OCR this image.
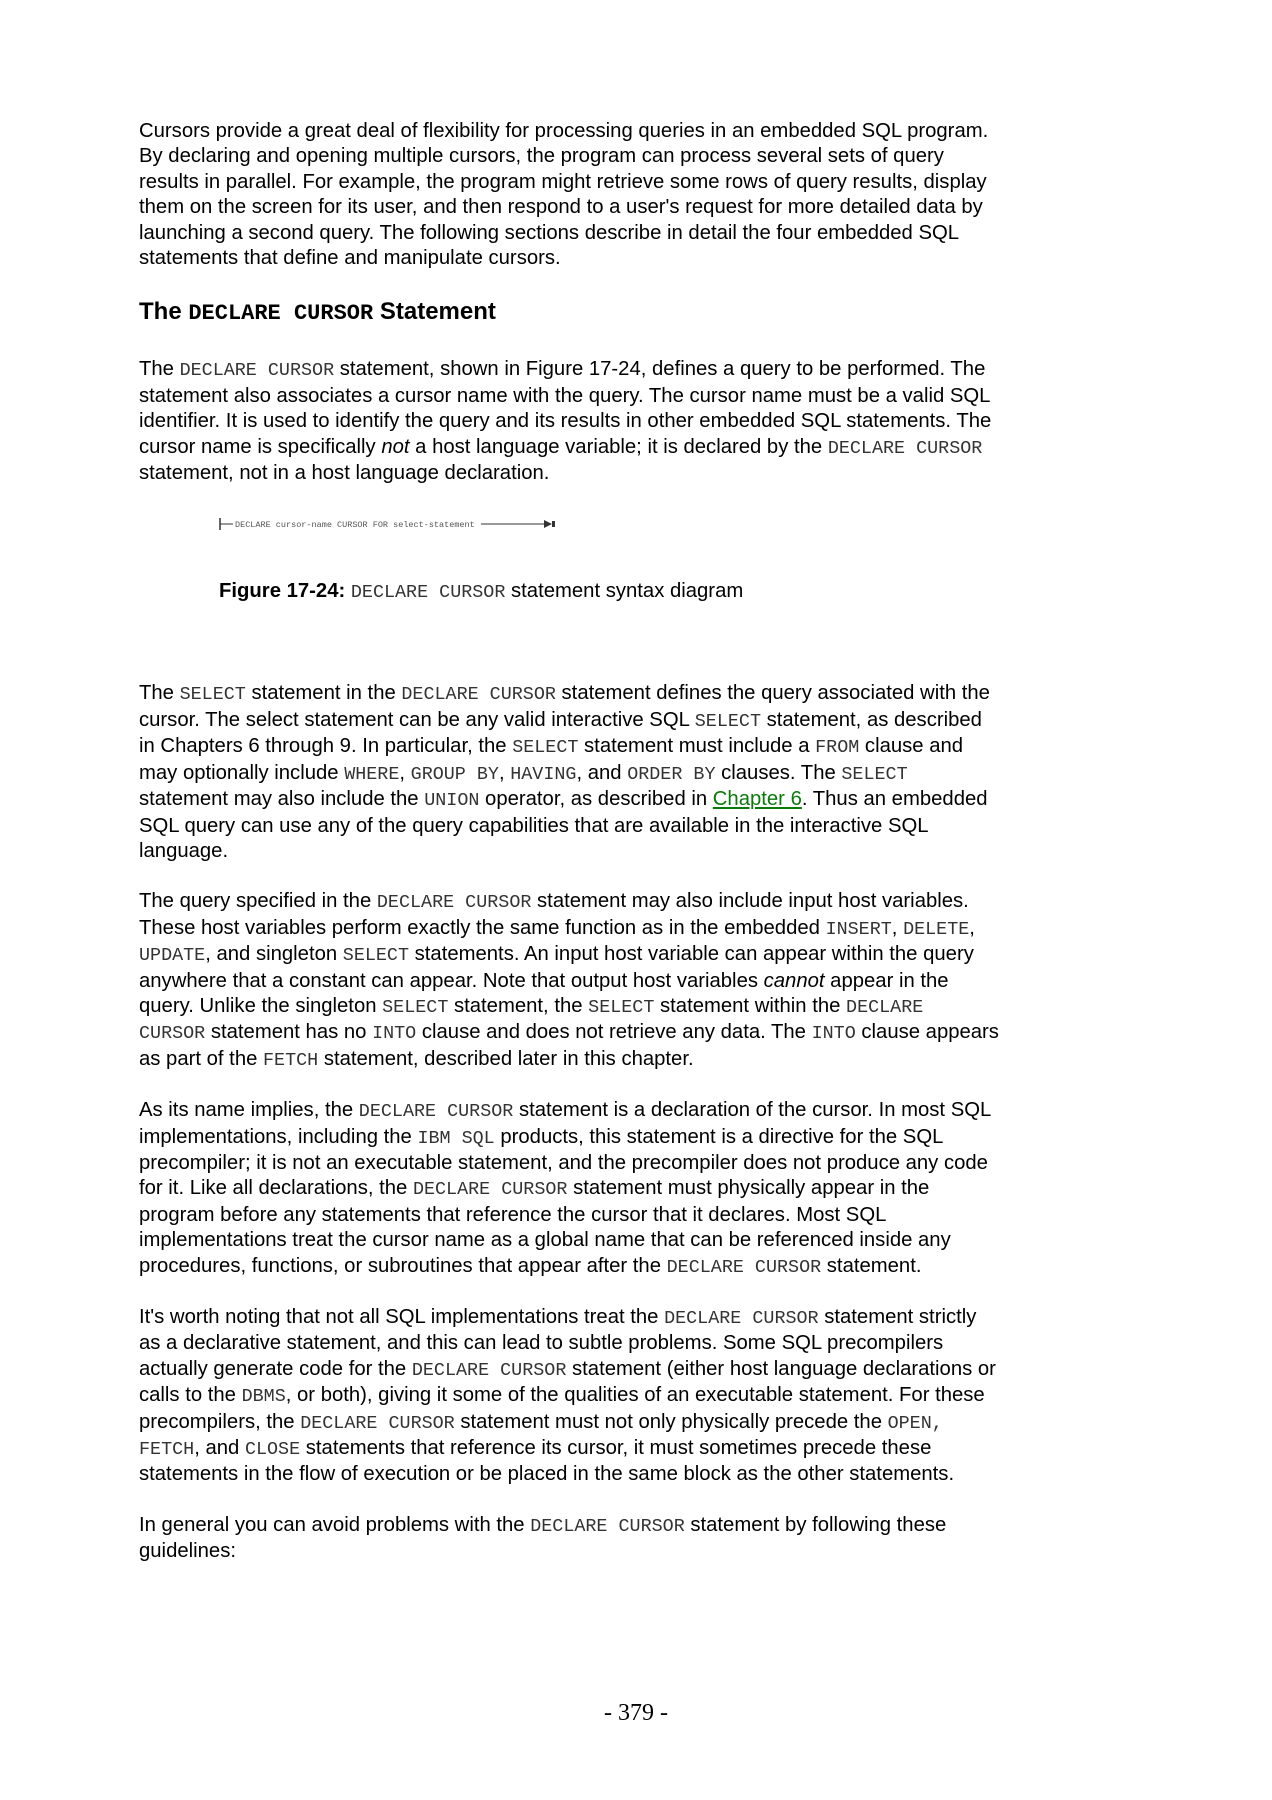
Cursors provide a great deal of flexibility for processing queries in an embedded SQL program. By declaring and opening multiple cursors, the program can process several sets of query results in parallel. For example, the program might retrieve some rows of query results, display them on the screen for its user, and then respond to a user's request for more detailed data by launching a second query. The following sections describe in detail the four embedded SQL statements that define and manipulate cursors.

The DECLARE CURSOR Statement

The DECLARE CURSOR statement, shown in Figure 17-24, defines a query to be performed. The statement also associates a cursor name with the query. The cursor name must be a valid SQL identifier. It is used to identify the query and its results in other embedded SQL statements. The cursor name is specifically not a host language variable; it is declared by the DECLARE CURSOR statement, not in a host language declaration.

The SELECT statement in the DECLARE CURSOR statement defines the query associated with the cursor. The select statement can be any valid interactive SQL SELECT statement, as described in Chapters 6 through 9. In particular, the SELECT statement must include a FROM clause and may optionally include WHERE, GROUP BY, HAVING, and ORDER BY clauses. The SELECT statement may also include the UNION operator, as described in Chapter 6. Thus an embedded SQL query can use any of the query capabilities that are available in the interactive SQL language.

The query specified in the DECLARE CURSOR statement may also include input host variables. These host variables perform exactly the same function as in the embedded INSERT, DELETE, UPDATE, and singleton SELECT statements. An input host variable can appear within the query anywhere that a constant can appear. Note that output host variables cannot appear in the query. Unlike the singleton SELECT statement, the SELECT statement within the DECLARE CURSOR statement has no INTO clause and does not retrieve any data. The INTO clause appears as part of the FETCH statement, described later in this chapter.

As its name implies, the DECLARE CURSOR statement is a declaration of the cursor. In most SQL implementations, including the IBM SQL products, this statement is a directive for the SQL precompiler; it is not an executable statement, and the precompiler does not produce any code for it. Like all declarations, the DECLARE CURSOR statement must physically appear in the program before any statements that reference the cursor that it declares. Most SQL implementations treat the cursor name as a global name that can be referenced inside any procedures, functions, or subroutines that appear after the DECLARE CURSOR statement.

It's worth noting that not all SQL implementations treat the DECLARE CURSOR statement strictly as a declarative statement, and this can lead to subtle problems. Some SQL precompilers actually generate code for the DECLARE CURSOR statement (either host language declarations or calls to the DBMS, or both), giving it some of the qualities of an executable statement. For these precompilers, the DECLARE CURSOR statement must not only physically precede the OPEN, FETCH, and CLOSE statements that reference its cursor, it must sometimes precede these statements in the flow of execution or be placed in the same block as the other statements.

In general you can avoid problems with the DECLARE CURSOR statement by following these guidelines:

DECLARE cursor-name CURSOR FOR select-statement
Figure 17-24: DECLARE CURSOR statement syntax diagram
- 379 -
